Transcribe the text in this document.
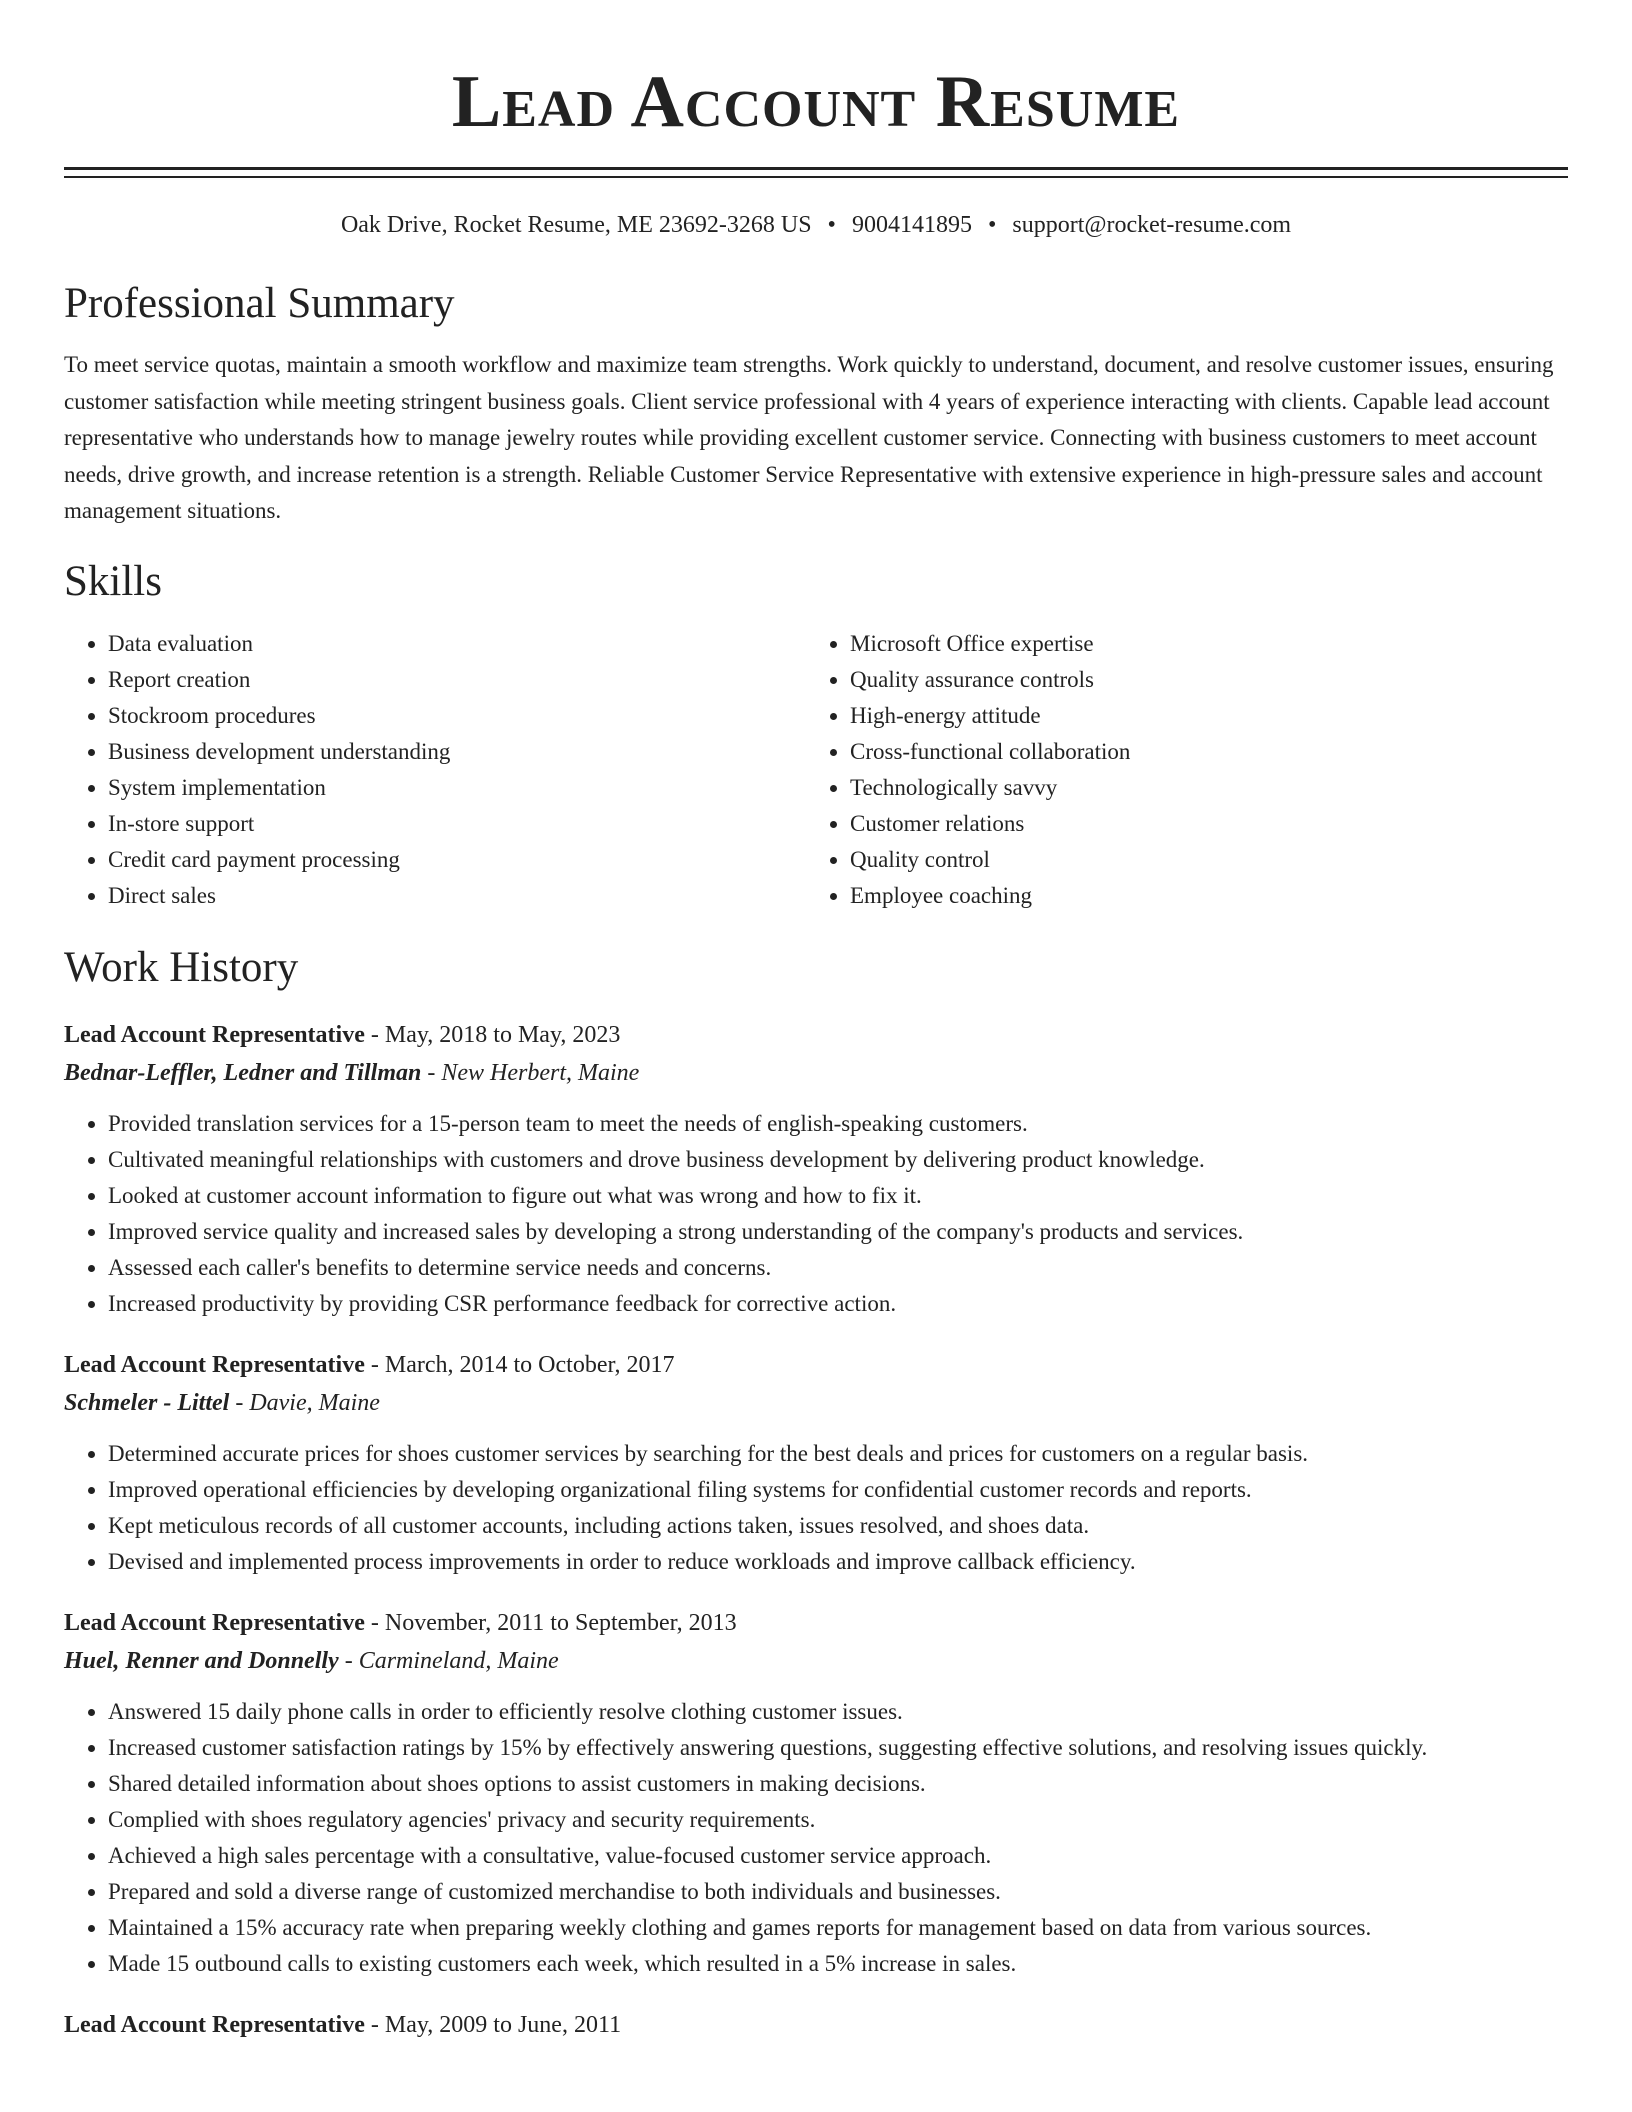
Lead Account Resume
Oak Drive, Rocket Resume, ME 23692-3268 US • 9004141895 • support@rocket-resume.com
Professional Summary

To meet service quotas, maintain a smooth workflow and maximize team strengths. Work quickly to understand, document, and resolve customer issues, ensuring customer satisfaction while meeting stringent business goals. Client service professional with 4 years of experience interacting with clients. Capable lead account representative who understands how to manage jewelry routes while providing excellent customer service. Connecting with business customers to meet account needs, drive growth, and increase retention is a strength. Reliable Customer Service Representative with extensive experience in high-pressure sales and account management situations.

Skills
• Data evaluation
• Report creation
• Stockroom procedures
• Business development understanding
• System implementation
• In-store support
• Credit card payment processing
• Direct sales
• Microsoft Office expertise
• Quality assurance controls
• High-energy attitude
• Cross-functional collaboration
• Technologically savvy
• Customer relations
• Quality control
• Employee coaching
Work History
Lead Account Representative - May, 2018 to May, 2023
Bednar-Leffler, Ledner and Tillman - New Herbert, Maine
• Provided translation services for a 15-person team to meet the needs of english-speaking customers.
• Cultivated meaningful relationships with customers and drove business development by delivering product knowledge.
• Looked at customer account information to figure out what was wrong and how to fix it.
• Improved service quality and increased sales by developing a strong understanding of the company's products and services.
• Assessed each caller's benefits to determine service needs and concerns.
• Increased productivity by providing CSR performance feedback for corrective action.
Lead Account Representative - March, 2014 to October, 2017
Schmeler - Littel - Davie, Maine
• Determined accurate prices for shoes customer services by searching for the best deals and prices for customers on a regular basis.
• Improved operational efficiencies by developing organizational filing systems for confidential customer records and reports.
• Kept meticulous records of all customer accounts, including actions taken, issues resolved, and shoes data.
• Devised and implemented process improvements in order to reduce workloads and improve callback efficiency.
Lead Account Representative - November, 2011 to September, 2013
Huel, Renner and Donnelly - Carmineland, Maine
• Answered 15 daily phone calls in order to efficiently resolve clothing customer issues.
• Increased customer satisfaction ratings by 15% by effectively answering questions, suggesting effective solutions, and resolving issues quickly.
• Shared detailed information about shoes options to assist customers in making decisions.
• Complied with shoes regulatory agencies' privacy and security requirements.
• Achieved a high sales percentage with a consultative, value-focused customer service approach.
• Prepared and sold a diverse range of customized merchandise to both individuals and businesses.
• Maintained a 15% accuracy rate when preparing weekly clothing and games reports for management based on data from various sources.
• Made 15 outbound calls to existing customers each week, which resulted in a 5% increase in sales.
Lead Account Representative - May, 2009 to June, 2011
